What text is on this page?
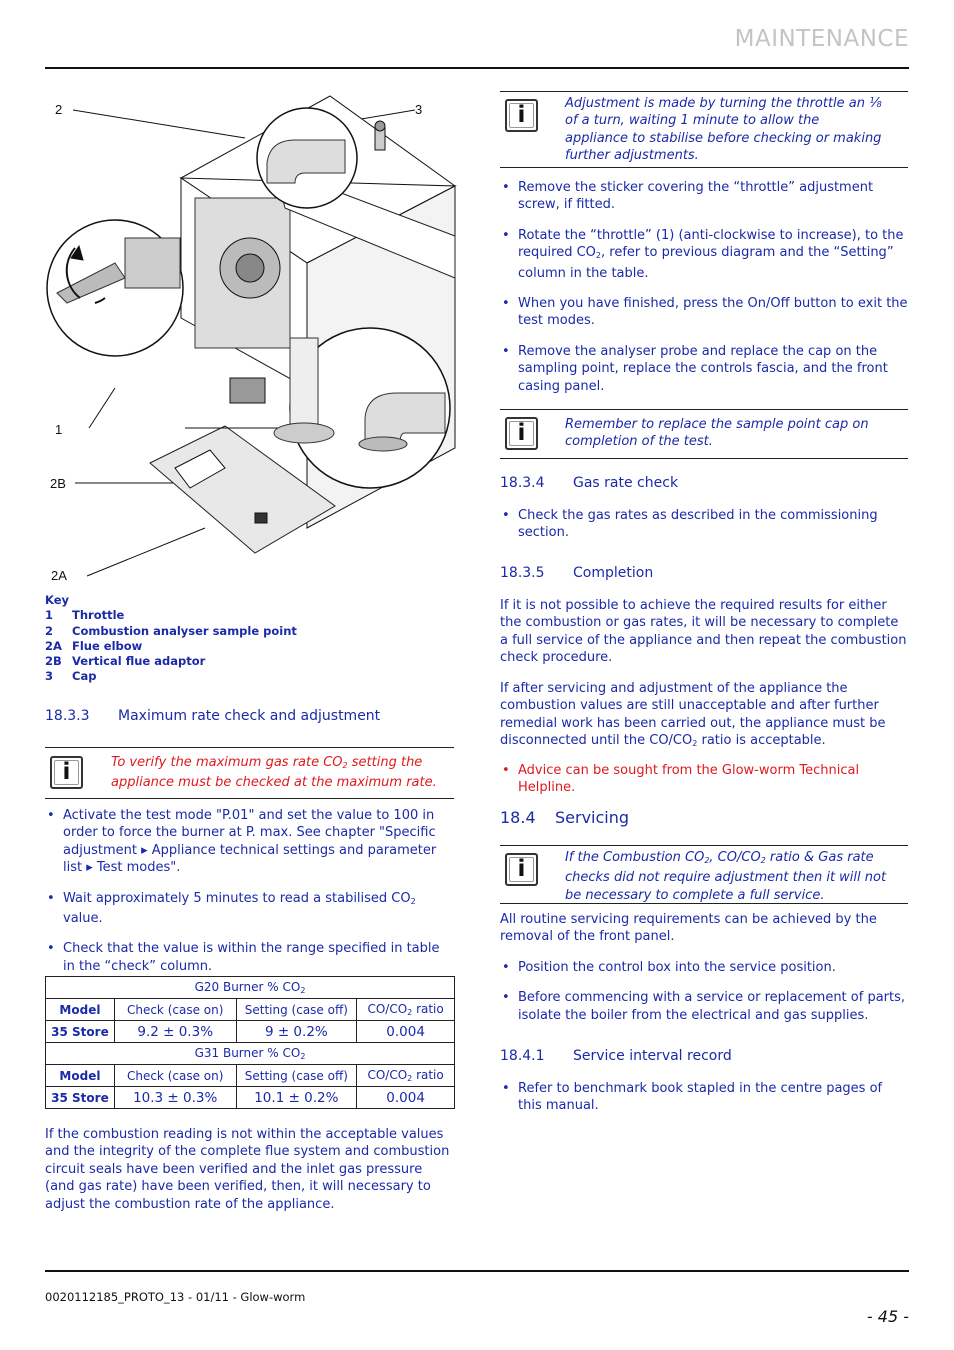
MAINTENANCE
2	3
1
2B
2A
Key
1 Throttle
2 Combustion analyser sample point
2A Flue elbow
2B Vertical flue adaptor
3 Cap
18.3.3 Maximum rate check and adjustment
i	To verify the maximum gas rate $CO_2$ setting the appliance must be checked at the maximum rate.
• Activate the test mode "P.01" and set the value to 100 in order to force the burner at P. max. See chapter "Specific adjustment ▸ Appliance technical settings and parameter list ▸ Test modes".
• Wait approximately 5 minutes to read a stabilised $CO_2$ value.
• Check that the value is within the range specified in table in the “check” column.
G20 Burner % $CO_2$
Model	Check (case on)	Setting (case off)	$CO/CO_2$ ratio
35 Store	9.2 ± 0.3%	9 ± 0.2%	0.004
G31 Burner % $CO_2$
Model	Check (case on)	Setting (case off)	$CO/CO_2$ ratio
35 Store	10.3 ± 0.3%	10.1 ± 0.2%	0.004

If the combustion reading is not within the acceptable values and the integrity of the complete flue system and combustion circuit seals have been verified and the inlet gas pressure (and gas rate) have been verified, then, it will necessary to adjust the combustion rate of the appliance.

i	Adjustment is made by turning the throttle an ⅛ of a turn, waiting 1 minute to allow the appliance to stabilise before checking or making further adjustments.
• Remove the sticker covering the “throttle” adjustment screw, if fitted.
• Rotate the “throttle” (1) (anti-clockwise to increase), to the required $CO_2$, refer to previous diagram and the “Setting” column in the table.
• When you have finished, press the On/Off button to exit the test modes.
• Remove the analyser probe and replace the cap on the sampling point, replace the controls fascia, and the front casing panel.
i	Remember to replace the sample point cap on completion of the test.
18.3.4 Gas rate check
• Check the gas rates as described in the commissioning section.
18.3.5 Completion

If it is not possible to achieve the required results for either the combustion or gas rates, it will be necessary to complete a full service of the appliance and then repeat the combustion check procedure.

If after servicing and adjustment of the appliance the combustion values are still unacceptable and after further remedial work has been carried out, the appliance must be disconnected until the $CO/CO_2$ ratio is acceptable.

• Advice can be sought from the Glow-worm Technical Helpline.
18.4 Servicing
i	If the Combustion $CO_2$, $CO/CO_2$ ratio & Gas rate checks did not require adjustment then it will not be necessary to complete a full service.

All routine servicing requirements can be achieved by the removal of the front panel.

• Position the control box into the service position.
• Before commencing with a service or replacement of parts, isolate the boiler from the electrical and gas supplies.
18.4.1 Service interval record
• Refer to benchmark book stapled in the centre pages of this manual.
0020112185_PROTO_13 - 01/11 - Glow-worm
- 45 -
